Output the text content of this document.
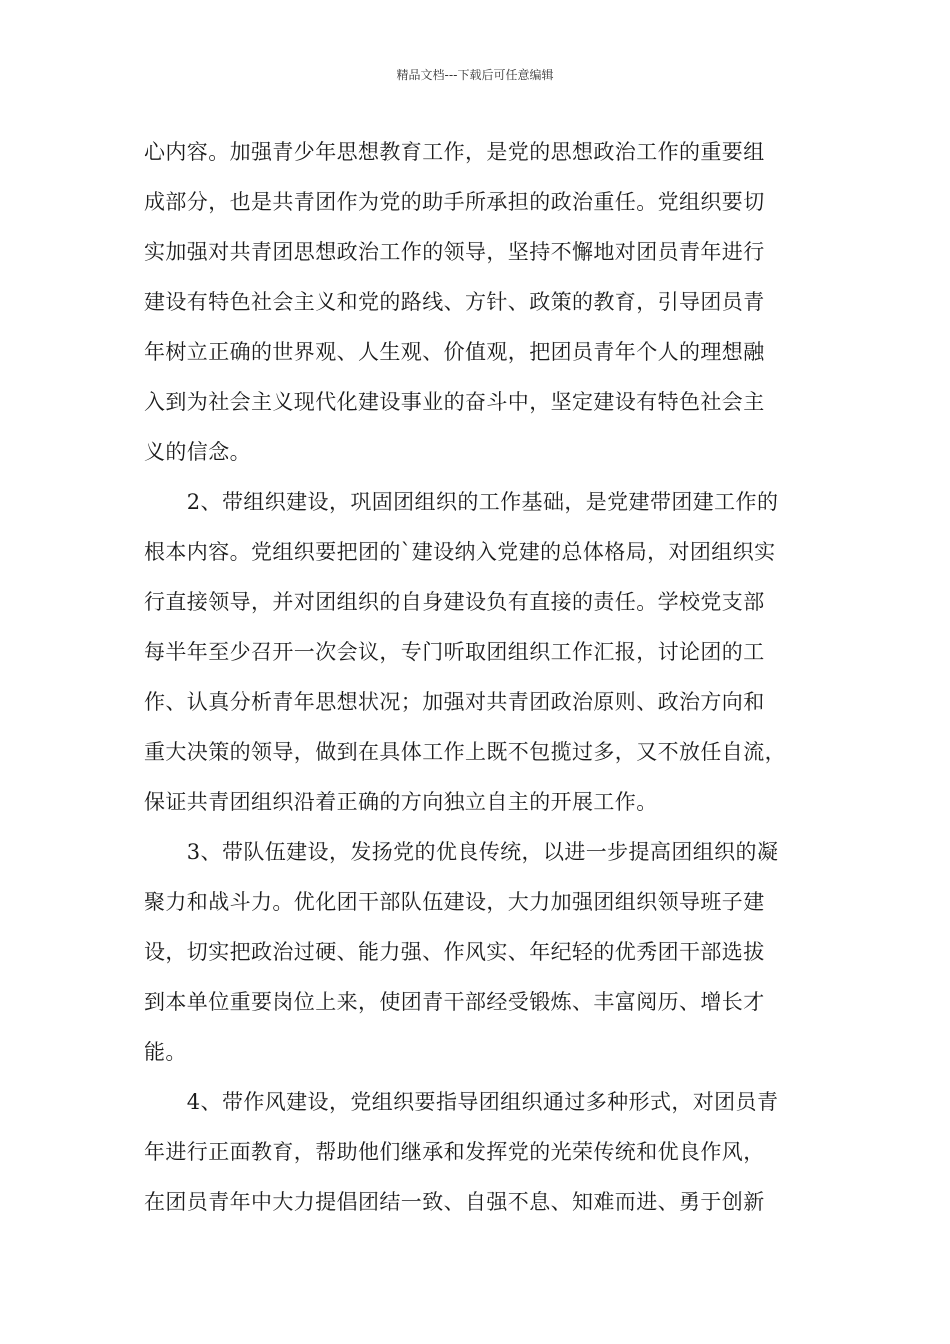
精品文档---下载后可任意编辑
心内容。加强青少年思想教育工作，是党的思想政治工作的重要组
成部分，也是共青团作为党的助手所承担的政治重任。党组织要切
实加强对共青团思想政治工作的领导，坚持不懈地对团员青年进行
建设有特色社会主义和党的路线、方针、政策的教育，引导团员青
年树立正确的世界观、人生观、价值观，把团员青年个人的理想融
入到为社会主义现代化建设事业的奋斗中，坚定建设有特色社会主
义的信念。
　　2、带组织建设，巩固团组织的工作基础，是党建带团建工作的
根本内容。党组织要把团的`建设纳入党建的总体格局，对团组织实
行直接领导，并对团组织的自身建设负有直接的责任。学校党支部
每半年至少召开一次会议，专门听取团组织工作汇报，讨论团的工
作、认真分析青年思想状况；加强对共青团政治原则、政治方向和
重大决策的领导，做到在具体工作上既不包揽过多，又不放任自流，
保证共青团组织沿着正确的方向独立自主的开展工作。
　　3、带队伍建设，发扬党的优良传统，以进一步提高团组织的凝
聚力和战斗力。优化团干部队伍建设，大力加强团组织领导班子建
设，切实把政治过硬、能力强、作风实、年纪轻的优秀团干部选拔
到本单位重要岗位上来，使团青干部经受锻炼、丰富阅历、增长才
能。
　　4、带作风建设，党组织要指导团组织通过多种形式，对团员青
年进行正面教育，帮助他们继承和发挥党的光荣传统和优良作风，
在团员青年中大力提倡团结一致、自强不息、知难而进、勇于创新
